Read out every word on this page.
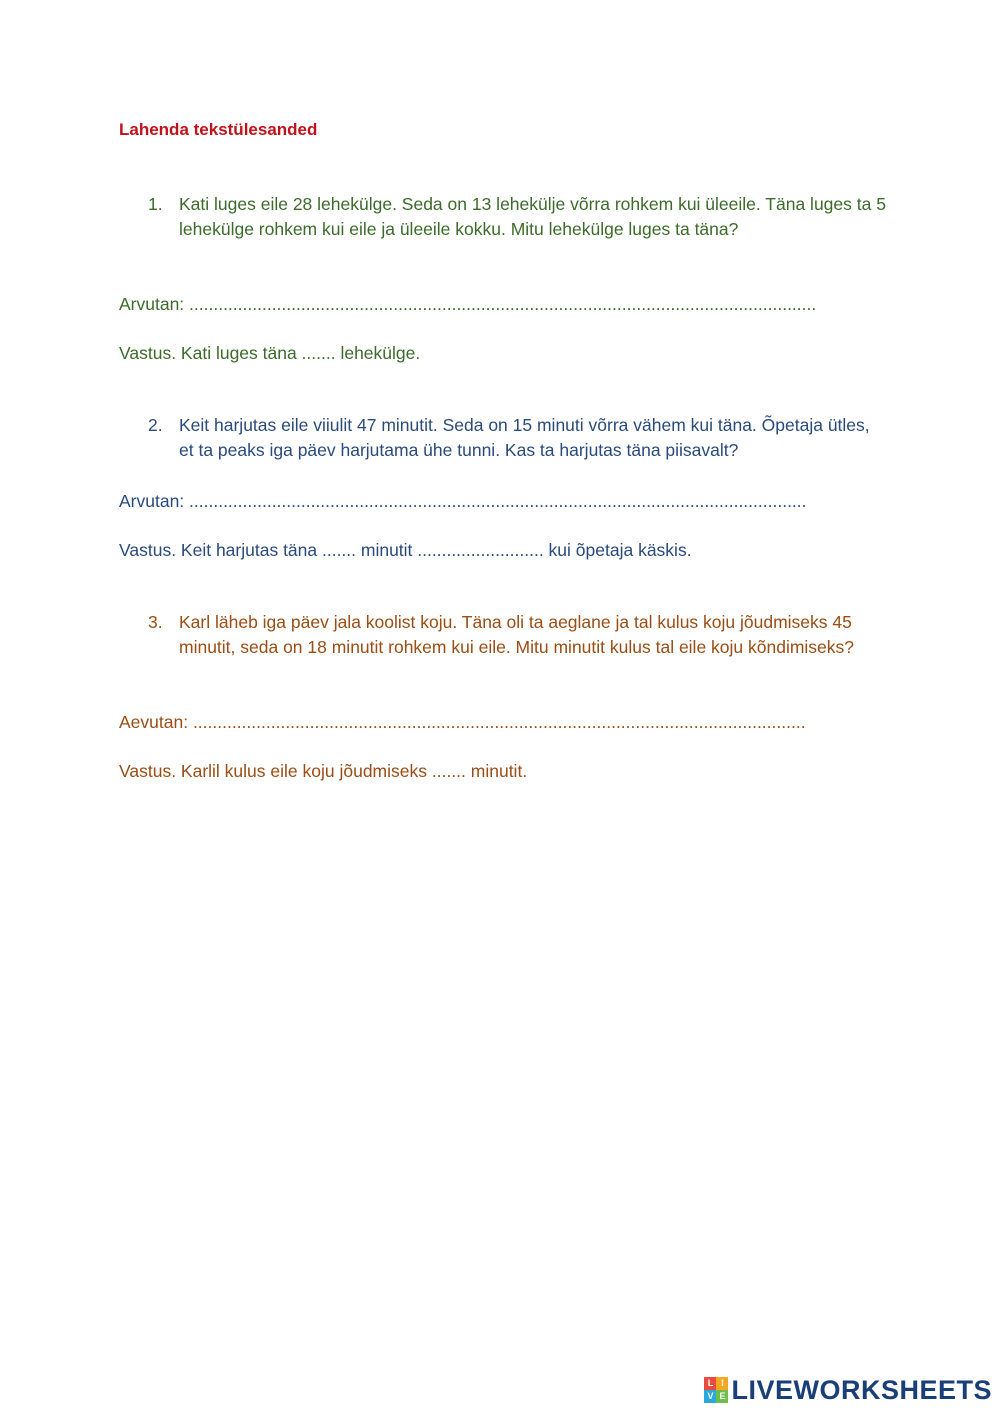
Lahenda tekstülesanded
1. Kati luges eile 28 lehekülge. Seda on 13 lehekülje võrra rohkem kui üleeile. Täna luges ta 5 lehekülge rohkem kui eile ja üleeile kokku. Mitu lehekülge luges ta täna?
Arvutan: .................................................................................................................................
Vastus. Kati luges täna ....... lehekülge.
2. Keit harjutas eile viiulit 47 minutit. Seda on 15 minuti võrra vähem kui täna. Õpetaja ütles, et ta peaks iga päev harjutama ühe tunni. Kas ta harjutas täna piisavalt?
Arvutan: ...............................................................................................................................
Vastus. Keit harjutas täna ....... minutit .......................... kui õpetaja käskis.
3. Karl läheb iga päev jala koolist koju. Täna oli ta aeglane ja tal kulus koju jõudmiseks 45 minutit, seda on 18 minutit rohkem kui eile. Mitu minutit kulus tal eile koju kõndimiseks?
Aevutan: ..............................................................................................................................
Vastus. Karlil kulus eile koju jõudmiseks ....... minutit.
L I
V E LIVEWORKSHEETS
